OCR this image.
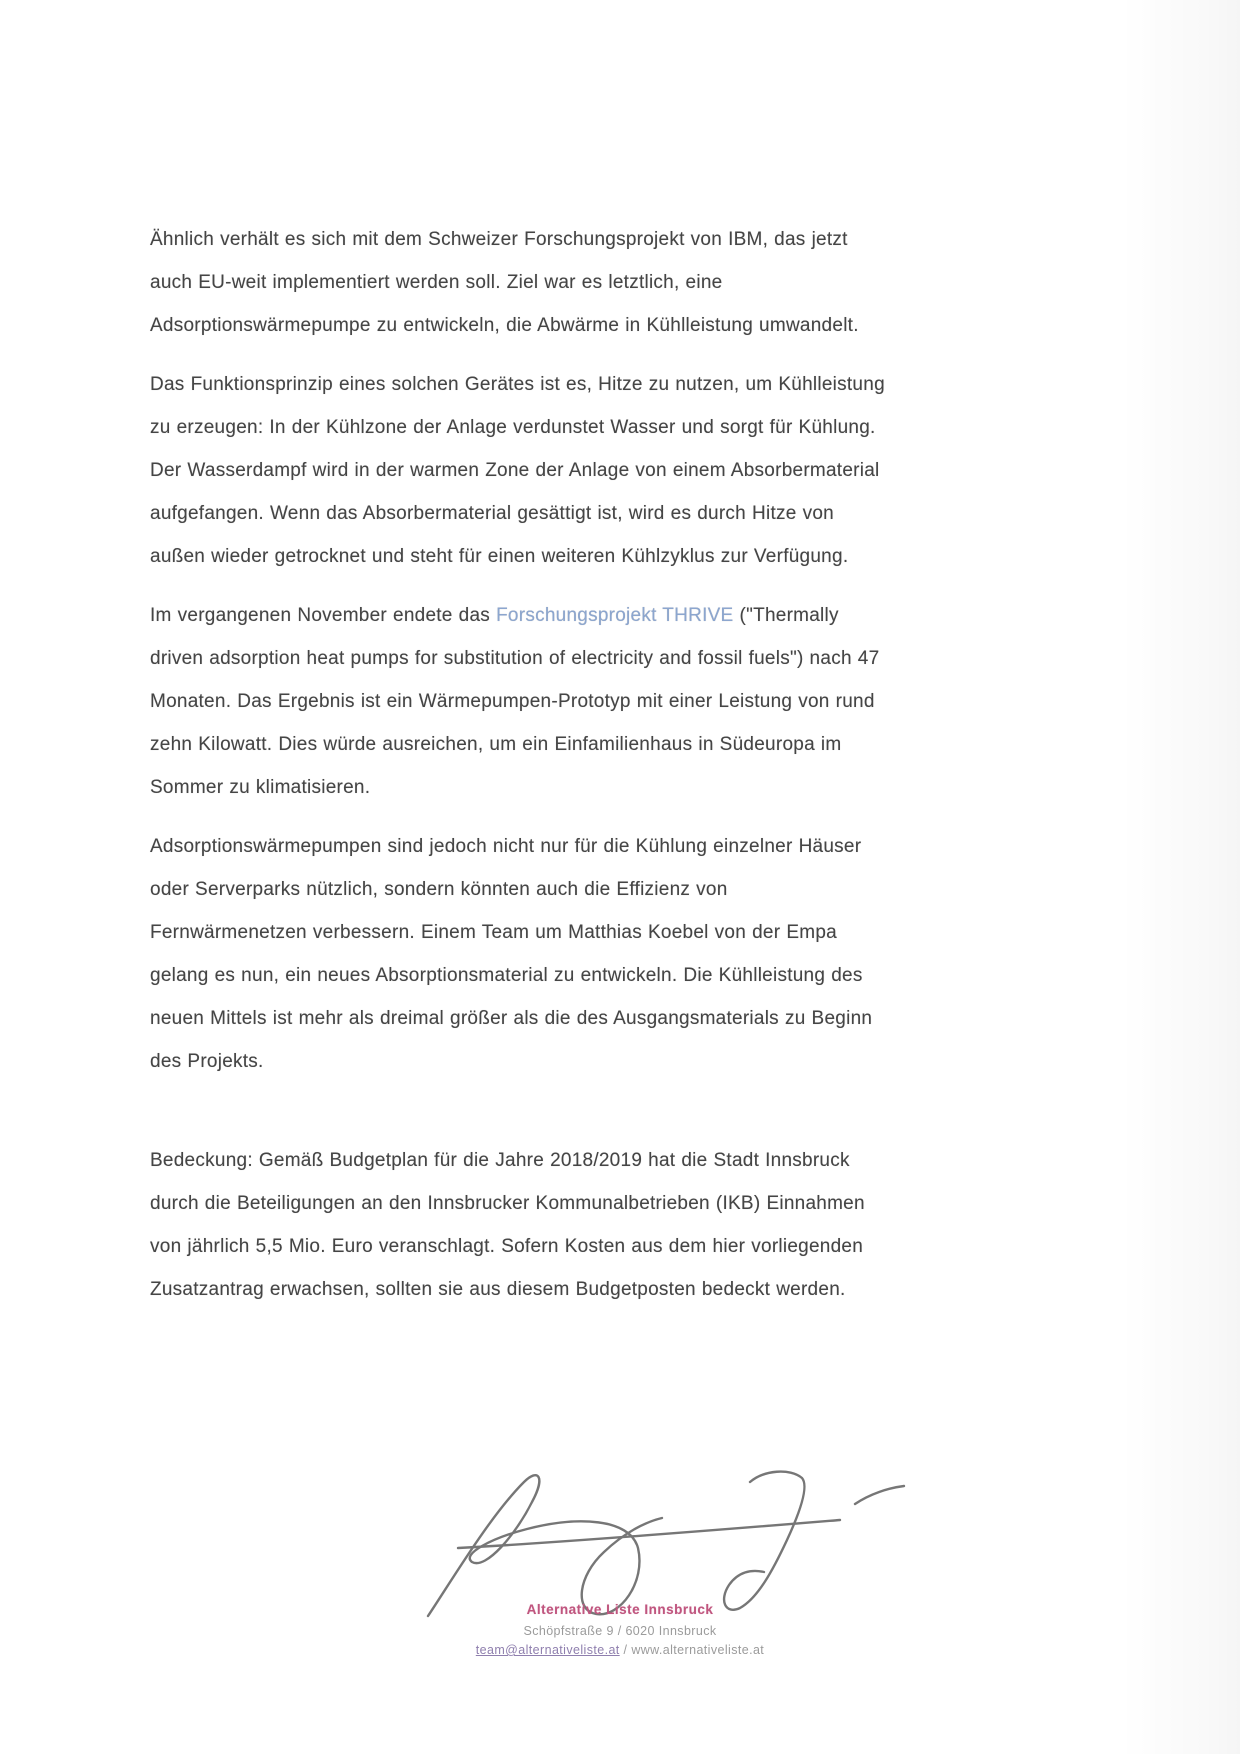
Ähnlich verhält es sich mit dem Schweizer Forschungsprojekt von IBM, das jetzt
auch EU-weit implementiert werden soll. Ziel war es letztlich, eine
Adsorptionswärmepumpe zu entwickeln, die Abwärme in Kühlleistung umwandelt.
Das Funktionsprinzip eines solchen Gerätes ist es, Hitze zu nutzen, um Kühlleistung
zu erzeugen: In der Kühlzone der Anlage verdunstet Wasser und sorgt für Kühlung.
Der Wasserdampf wird in der warmen Zone der Anlage von einem Absorbermaterial
aufgefangen. Wenn das Absorbermaterial gesättigt ist, wird es durch Hitze von
außen wieder getrocknet und steht für einen weiteren Kühlzyklus zur Verfügung.
Im vergangenen November endete das Forschungsprojekt THRIVE ("Thermally
driven adsorption heat pumps for substitution of electricity and fossil fuels") nach 47
Monaten. Das Ergebnis ist ein Wärmepumpen-Prototyp mit einer Leistung von rund
zehn Kilowatt. Dies würde ausreichen, um ein Einfamilienhaus in Südeuropa im
Sommer zu klimatisieren.
Adsorptionswärmepumpen sind jedoch nicht nur für die Kühlung einzelner Häuser
oder Serverparks nützlich, sondern könnten auch die Effizienz von
Fernwärmenetzen verbessern. Einem Team um Matthias Koebel von der Empa
gelang es nun, ein neues Absorptionsmaterial zu entwickeln. Die Kühlleistung des
neuen Mittels ist mehr als dreimal größer als die des Ausgangsmaterials zu Beginn
des Projekts.
Bedeckung: Gemäß Budgetplan für die Jahre 2018/2019 hat die Stadt Innsbruck
durch die Beteiligungen an den Innsbrucker Kommunalbetrieben (IKB) Einnahmen
von jährlich 5,5 Mio. Euro veranschlagt. Sofern Kosten aus dem hier vorliegenden
Zusatzantrag erwachsen, sollten sie aus diesem Budgetposten bedeckt werden.
Alternative Liste Innsbruck
Schöpfstraße 9 / 6020 Innsbruck
team@alternativeliste.at / www.alternativeliste.at
